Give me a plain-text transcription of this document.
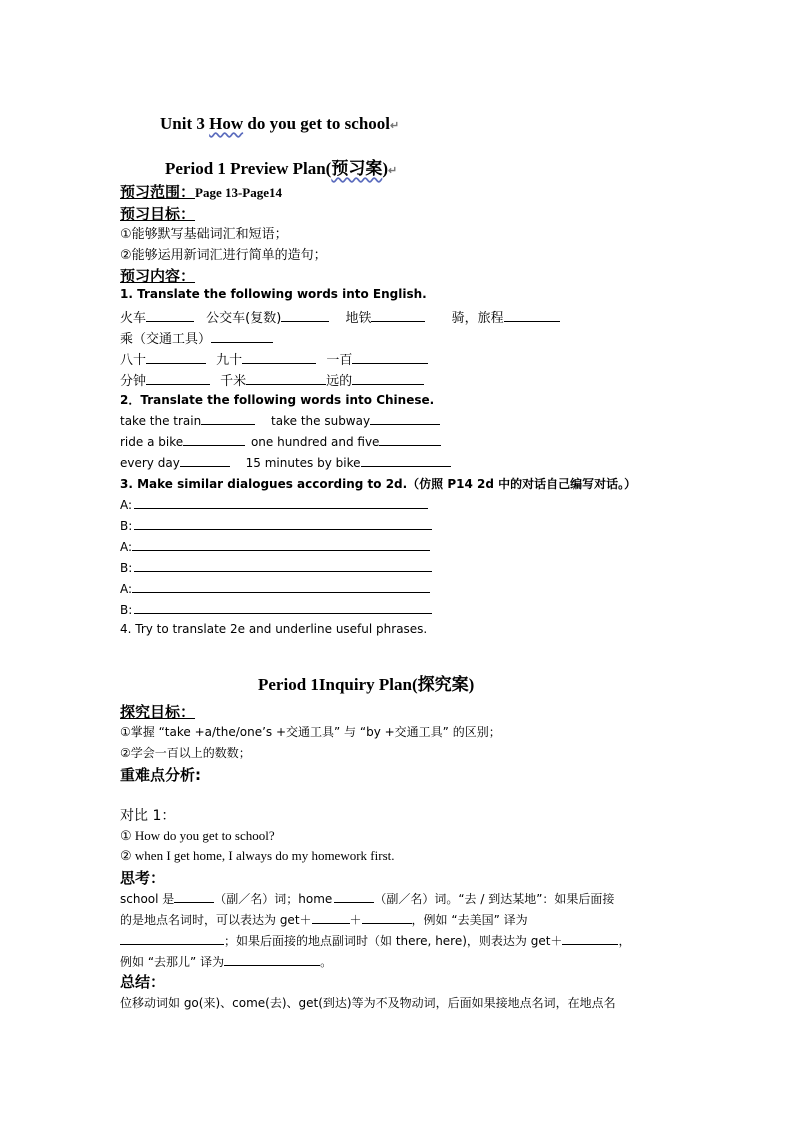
Unit 3 How do you get to school↵
Period 1 Preview Plan(预习案)↵
预习范围：Page 13-Page14
预习目标：
①能够默写基础词汇和短语；
②能够运用新词汇进行简单的造句；
预习内容：
1. Translate the following words into English.
火车	公交车(复数)	地铁	骑，旅程
乘（交通工具）
八十	九十	一百
分钟	千米	远的
2．Translate the following words into Chinese.
take the train	take the subway
ride a bike	one hundred and five
every day	15 minutes by bike
3. Make similar dialogues according to 2d.（仿照 P14 2d 中的对话自己编写对话。）
A:
B:
A:
B:
A:
B:
4. Try to translate 2e and underline useful phrases.
Period 1Inquiry Plan(探究案)
探究目标：
①掌握 “take +a/the/one’s +交通工具” 与 “by +交通工具” 的区别；
②学会一百以上的数数；
重难点分析:
对比 1：
① How do you get to school?
② when I get home, I always do my homework first.
思考：
school 是	（副／名）词；home	（副／名）词。“去 / 到达某地”：如果后面接
的是地点名词时，可以表达为 get＋	＋	，例如 “去美国” 译为
；如果后面接的地点副词时（如 there, here)，则表达为 get＋	，
例如 “去那儿” 译为	。
总结：
位移动词如 go(来)、come(去)、get(到达)等为不及物动词，后面如果接地点名词，在地点名
